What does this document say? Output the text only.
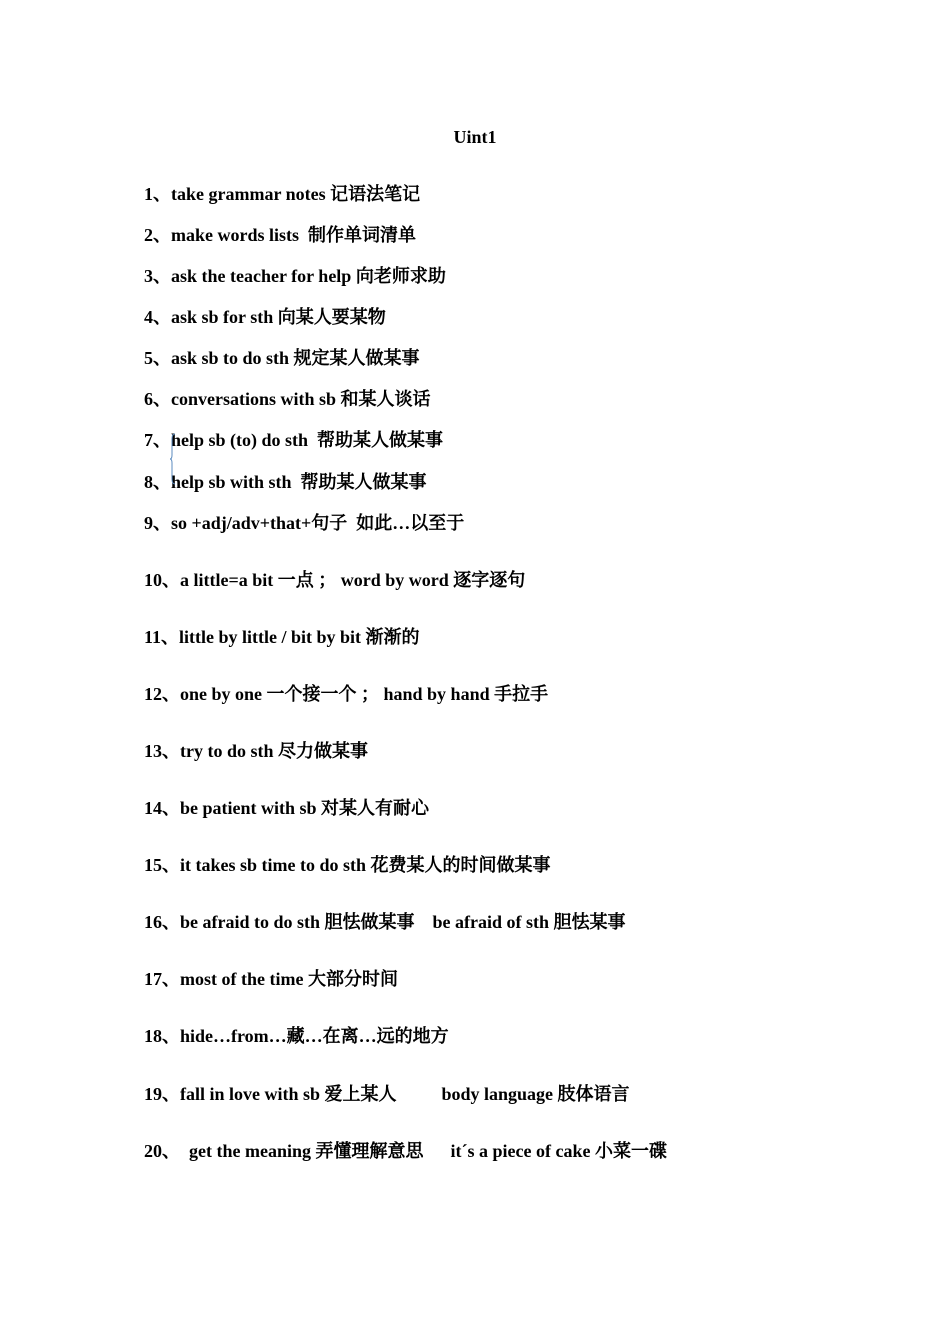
Uint1
1、take grammar notes 记语法笔记
2、make words lists  制作单词清单
3、ask the teacher for help 向老师求助
4、ask sb for sth 向某人要某物
5、ask sb to do sth 规定某人做某事
6、conversations with sb 和某人谈话
7、help sb (to) do sth  帮助某人做某事
8、help sb with sth  帮助某人做某事
9、so +adj/adv+that+句子  如此…以至于
10、a little=a bit 一点 ； word by word 逐字逐句
11、little by little / bit by bit 渐渐的
12、one by one 一个接一个 ； hand by hand 手拉手
13、try to do sth 尽力做某事
14、be patient with sb 对某人有耐心
15、it takes sb time to do sth 花费某人的时间做某事
16、be afraid to do sth 胆怯做某事    be afraid of sth 胆怯某事
17、most of the time 大部分时间
18、hide…from…藏…在离…远的地方
19、fall in love with sb 爱上某人          body language 肢体语言
20、  get the meaning 弄懂理解意思      it´s a piece of cake 小菜一碟
